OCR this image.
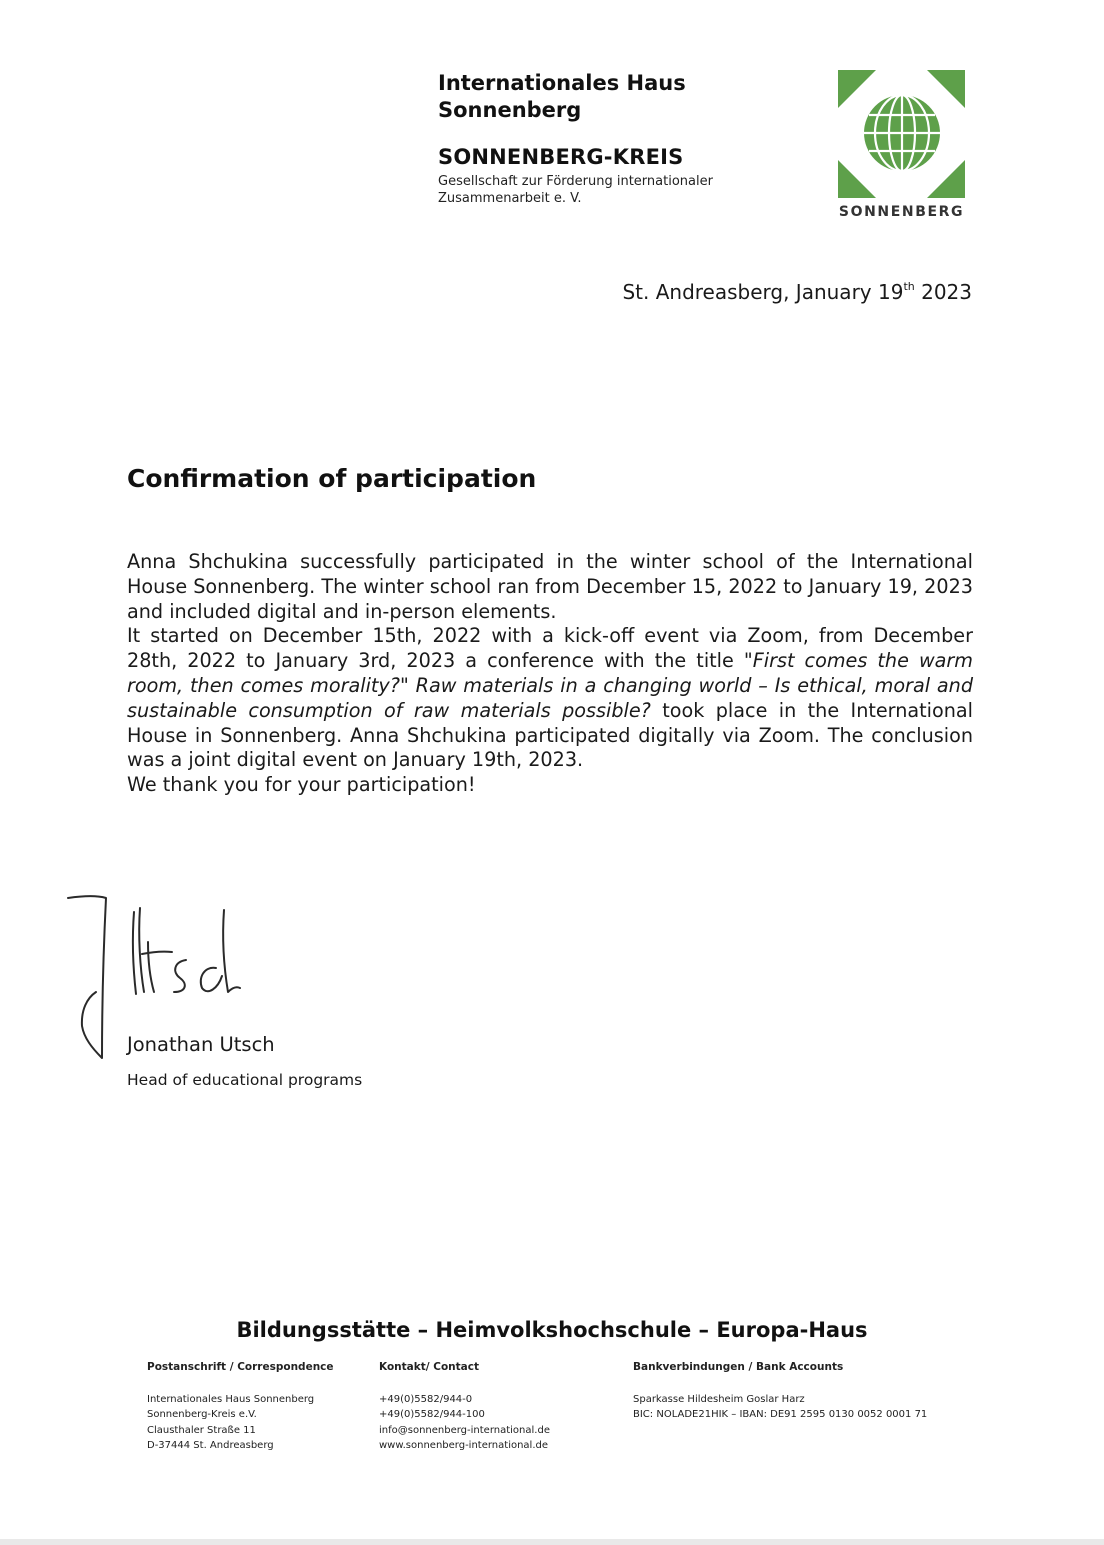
Internationales Haus
Sonnenberg
SONNENBERG-KREIS
Gesellschaft zur Förderung internationaler
Zusammenarbeit e. V.
SONNENBERG
St. Andreasberg, January 19th 2023
Confirmation of participation

Anna Shchukina successfully participated in the winter school of the International House Sonnenberg. The winter school ran from December 15, 2022 to January 19, 2023 and included digital and in-person elements.

It started on December 15th, 2022 with a kick-off event via Zoom, from December 28th, 2022 to January 3rd, 2023 a conference with the title "First comes the warm room, then comes morality?" Raw materials in a changing world – Is ethical, moral and sustainable consumption of raw materials possible? took place in the International House in Sonnenberg. Anna Shchukina participated digitally via Zoom. The conclusion was a joint digital event on January 19th, 2023.

We thank you for your participation!

Jonathan Utsch
Head of educational programs
Bildungsstätte – Heimvolkshochschule – Europa-Haus
Postanschrift / Correspondence
Internationales Haus Sonnenberg
Sonnenberg-Kreis e.V.
Clausthaler Straße 11
D-37444 St. Andreasberg
Kontakt/ Contact
+49(0)5582/944-0
+49(0)5582/944-100
info@sonnenberg-international.de
www.sonnenberg-international.de
Bankverbindungen / Bank Accounts
Sparkasse Hildesheim Goslar Harz
BIC: NOLADE21HIK – IBAN: DE91 2595 0130 0052 0001 71
